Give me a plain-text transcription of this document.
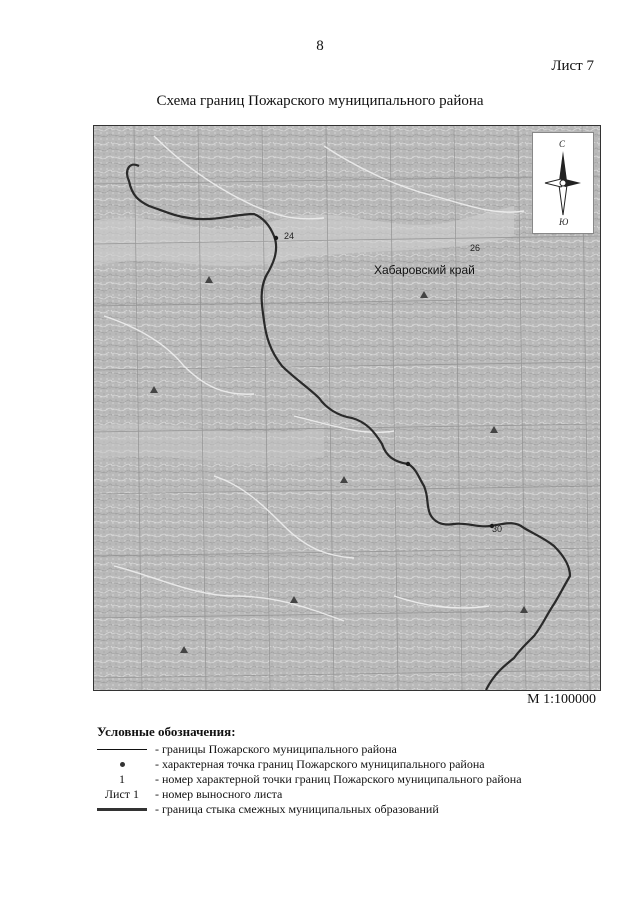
8
Лист 7
Схема границ Пожарского муниципального района
Хабаровский край
24
26
30
С
Ю
М 1:100000
Условные обозначения:
- границы Пожарского муниципального района
- характерная точка границ Пожарского муниципального района
1	- номер характерной точки границ Пожарского муниципального района
Лист 1 - номер выносного листа
- граница стыка смежных муниципальных образований
